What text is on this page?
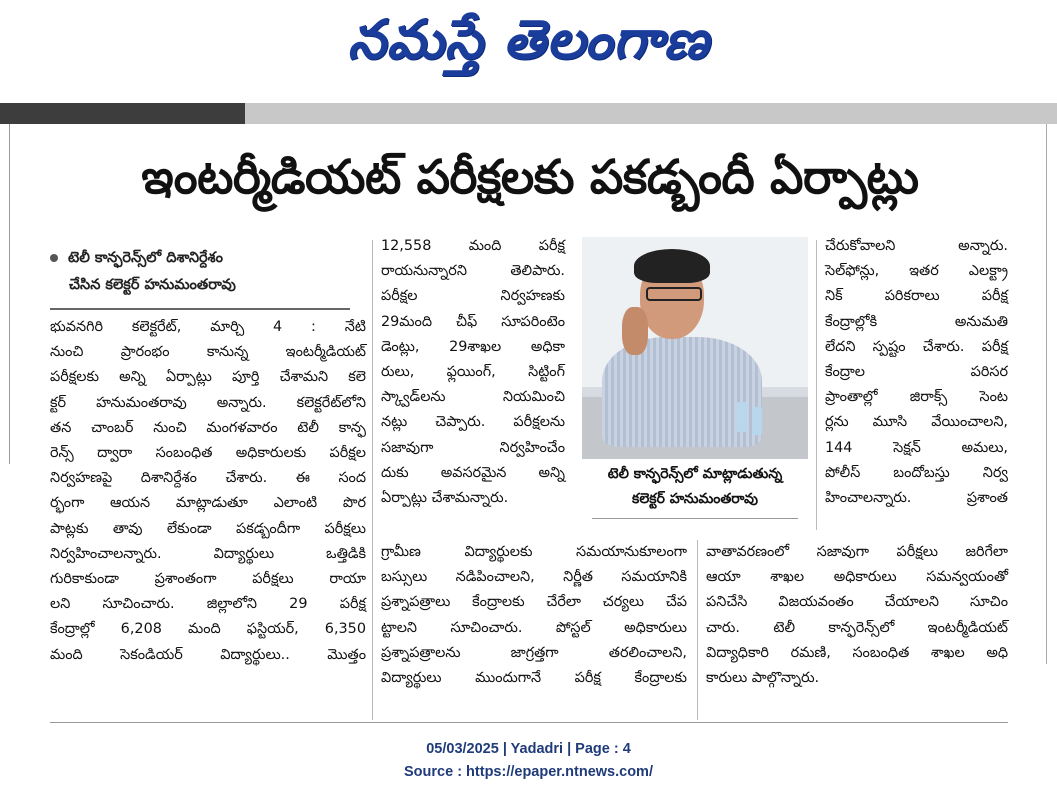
నమస్తే తెలంగాణ
ఇంటర్మీడియట్ పరీక్షలకు పకడ్బందీ ఏర్పాట్లు
టెలీ కాన్ఫరెన్స్‌లో దిశానిర్దేశం
చేసిన కలెక్టర్ హనుమంతరావు

భువనగిరి కలెక్టరేట్, మార్చి 4 : నేటి

నుంచి ప్రారంభం కానున్న ఇంటర్మీడియట్

పరీక్షలకు అన్ని ఏర్పాట్లు పూర్తి చేశామని కలె

క్టర్ హనుమంతరావు అన్నారు. కలెక్టరేట్‌లోని

తన చాంబర్ నుంచి మంగళవారం టెలీ కాన్ఫ

రెన్స్ ద్వారా సంబంధిత అధికారులకు పరీక్షల

నిర్వహణపై దిశానిర్దేశం చేశారు. ఈ సంద

ర్భంగా ఆయన మాట్లాడుతూ ఎలాంటి పొర

పాట్లకు తావు లేకుండా పకడ్బందీగా పరీక్షలు

నిర్వహించాలన్నారు. విద్యార్థులు ఒత్తిడికి

గురికాకుండా ప్రశాంతంగా పరీక్షలు రాయా

లని సూచించారు. జిల్లాలోని 29 పరీక్ష

కేంద్రాల్లో 6,208 మంది ఫస్టియర్, 6,350

మంది సెకండియర్ విద్యార్థులు.. మొత్తం

12,558 మంది పరీక్ష

రాయనున్నారని తెలిపారు.

పరీక్షల నిర్వహణకు

29మంది చీఫ్ సూపరింటెం

డెంట్లు, 29శాఖల అధికా

రులు, ఫ్లయింగ్, సిట్టింగ్

స్క్వాడ్‌లను నియమించి

నట్లు చెప్పారు. పరీక్షలను

సజావుగా నిర్వహించేం

దుకు అవసరమైన అన్ని

ఏర్పాట్లు చేశామన్నారు.

టెలీ కాన్ఫరెన్స్‌లో మాట్లాడుతున్న
కలెక్టర్ హనుమంతరావు

చేరుకోవాలని అన్నారు.

సెల్‌ఫోన్లు, ఇతర ఎలక్ట్రా

నిక్ పరికరాలు పరీక్ష

కేంద్రాల్లోకి అనుమతి

లేదని స్పష్టం చేశారు. పరీక్ష

కేంద్రాల పరిసర

ప్రాంతాల్లో జిరాక్స్ సెంట

ర్లను మూసి వేయించాలని,

144 సెక్షన్ అమలు,

పోలీస్ బందోబస్తు నిర్వ

హించాలన్నారు. ప్రశాంత

గ్రామీణ విద్యార్థులకు సమయానుకూలంగా

బస్సులు నడిపించాలని, నిర్ణీత సమయానికి

ప్రశ్నాపత్రాలు కేంద్రాలకు చేరేలా చర్యలు చేప

ట్టాలని సూచించారు. పోస్టల్ అధికారులు

ప్రశ్నాపత్రాలను జాగ్రత్తగా తరలించాలని,

విద్యార్థులు ముందుగానే పరీక్ష కేంద్రాలకు

వాతావరణంలో సజావుగా పరీక్షలు జరిగేలా

ఆయా శాఖల అధికారులు సమన్వయంతో

పనిచేసి విజయవంతం చేయాలని సూచిం

చారు. టెలీ కాన్ఫరెన్స్‌లో ఇంటర్మీడియట్

విద్యాధికారి రమణి, సంబంధిత శాఖల అధి

కారులు పాల్గొన్నారు.

05/03/2025 | Yadadri | Page : 4
Source : https://epaper.ntnews.com/
